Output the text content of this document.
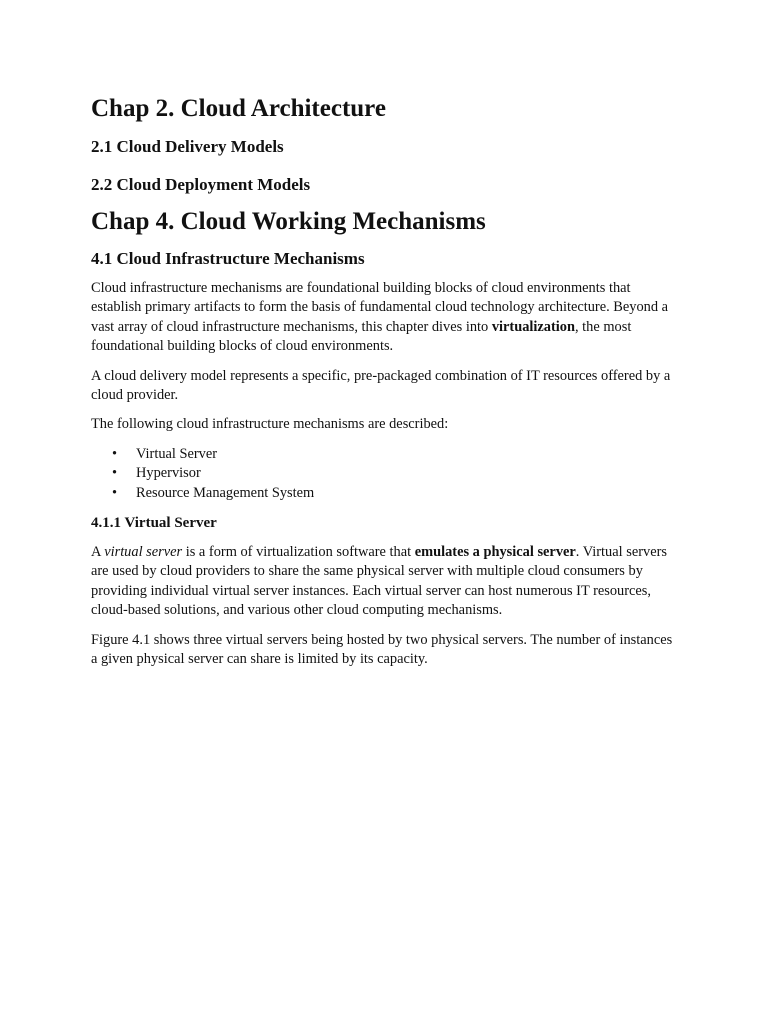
Chap 2. Cloud Architecture
2.1 Cloud Delivery Models
2.2 Cloud Deployment Models
Chap 4. Cloud Working Mechanisms
4.1 Cloud Infrastructure Mechanisms

Cloud infrastructure mechanisms are foundational building blocks of cloud environments that establish primary artifacts to form the basis of fundamental cloud technology architecture. Beyond a vast array of cloud infrastructure mechanisms, this chapter dives into virtualization, the most foundational building blocks of cloud environments.

A cloud delivery model represents a specific, pre-packaged combination of IT resources offered by a cloud provider.

The following cloud infrastructure mechanisms are described:

• Virtual Server
• Hypervisor
• Resource Management System
4.1.1 Virtual Server

A virtual server is a form of virtualization software that emulates a physical server. Virtual servers are used by cloud providers to share the same physical server with multiple cloud consumers by providing individual virtual server instances. Each virtual server can host numerous IT resources, cloud-based solutions, and various other cloud computing mechanisms.

Figure 4.1 shows three virtual servers being hosted by two physical servers. The number of instances a given physical server can share is limited by its capacity.
